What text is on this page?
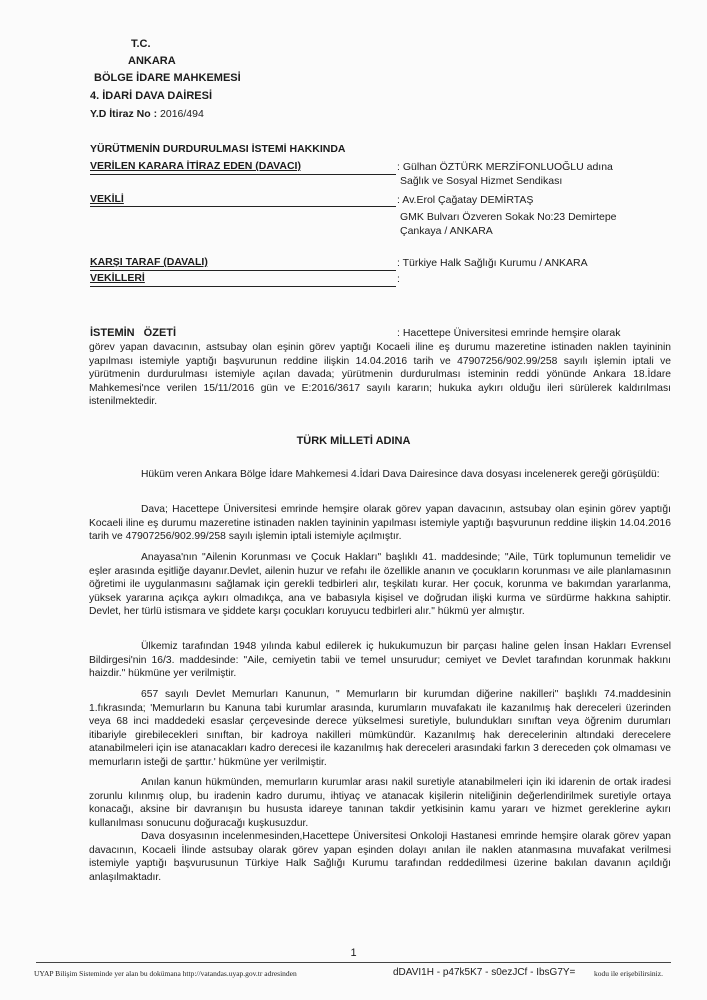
T.C.
ANKARA
BÖLGE İDARE MAHKEMESİ
4. İDARİ DAVA DAİRESİ
Y.D İtiraz No : 2016/494
YÜRÜTMENİN DURDURULMASI İSTEMİ HAKKINDA
VERİLEN KARARA İTİRAZ EDEN (DAVACI)	: Gülhan ÖZTÜRK MERZİFONLUOĞLU adına
Sağlık ve Sosyal Hizmet Sendikası
VEKİLİ	: Av.Erol Çağatay DEMİRTAŞ
GMK Bulvarı Özveren Sokak No:23 Demirtepe
Çankaya / ANKARA
KARŞI TARAF (DAVALI)	: Türkiye Halk Sağlığı Kurumu / ANKARA
VEKİLLERİ	:
İSTEMİN ÖZETİ	: Hacettepe Üniversitesi emrinde hemşire olarak
görev yapan davacının, astsubay olan eşinin görev yaptığı Kocaeli iline eş durumu mazeretine istinaden naklen tayininin yapılması istemiyle yaptığı başvurunun reddine ilişkin 14.04.2016 tarih ve 47907256/902.99/258 sayılı işlemin iptali ve yürütmenin durdurulması istemiyle açılan davada; yürütmenin durdurulması isteminin reddi yönünde Ankara 18.İdare Mahkemesi'nce verilen 15/11/2016 gün ve E:2016/3617 sayılı kararın; hukuka aykırı olduğu ileri sürülerek kaldırılması istenilmektedir.
TÜRK MİLLETİ ADINA
Hüküm veren Ankara Bölge İdare Mahkemesi 4.İdari Dava Dairesince dava dosyası incelenerek gereği görüşüldü:
Dava; Hacettepe Üniversitesi emrinde hemşire olarak görev yapan davacının, astsubay olan eşinin görev yaptığı Kocaeli iline eş durumu mazeretine istinaden naklen tayininin yapılması istemiyle yaptığı başvurunun reddine ilişkin 14.04.2016 tarih ve 47907256/902.99/258 sayılı işlemin iptali istemiyle açılmıştır.
Anayasa'nın "Ailenin Korunması ve Çocuk Hakları" başlıklı 41. maddesinde; "Aile, Türk toplumunun temelidir ve eşler arasında eşitliğe dayanır.Devlet, ailenin huzur ve refahı ile özellikle ananın ve çocukların korunması ve aile planlamasının öğretimi ile uygulanmasını sağlamak için gerekli tedbirleri alır, teşkilatı kurar. Her çocuk, korunma ve bakımdan yararlanma, yüksek yararına açıkça aykırı olmadıkça, ana ve babasıyla kişisel ve doğrudan ilişki kurma ve sürdürme hakkına sahiptir. Devlet, her türlü istismara ve şiddete karşı çocukları koruyucu tedbirleri alır." hükmü yer almıştır.
Ülkemiz tarafından 1948 yılında kabul edilerek iç hukukumuzun bir parçası haline gelen İnsan Hakları Evrensel Bildirgesi'nin 16/3. maddesinde: "Aile, cemiyetin tabii ve temel unsurudur; cemiyet ve Devlet tarafından korunmak hakkını haizdir." hükmüne yer verilmiştir.
657 sayılı Devlet Memurları Kanunun, " Memurların bir kurumdan diğerine nakilleri" başlıklı 74.maddesinin 1.fıkrasında; 'Memurların bu Kanuna tabi kurumlar arasında, kurumların muvafakatı ile kazanılmış hak dereceleri üzerinden veya 68 inci maddedeki esaslar çerçevesinde derece yükselmesi suretiyle, bulundukları sınıftan veya öğrenim durumları itibariyle girebilecekleri sınıftan, bir kadroya nakilleri mümkündür. Kazanılmış hak derecelerinin altındaki derecelere atanabilmeleri için ise atanacakları kadro derecesi ile kazanılmış hak dereceleri arasındaki farkın 3 dereceden çok olmaması ve memurların isteği de şarttır.' hükmüne yer verilmiştir.
Anılan kanun hükmünden, memurların kurumlar arası nakil suretiyle atanabilmeleri için iki idarenin de ortak iradesi zorunlu kılınmış olup, bu iradenin kadro durumu, ihtiyaç ve atanacak kişilerin niteliğinin değerlendirilmek suretiyle ortaya konacağı, aksine bir davranışın bu hususta idareye tanınan takdir yetkisinin kamu yararı ve hizmet gereklerine aykırı kullanılması sonucunu doğuracağı kuşkusuzdur.
Dava dosyasının incelenmesinden,Hacettepe Üniversitesi Onkoloji Hastanesi emrinde hemşire olarak görev yapan davacının, Kocaeli İlinde astsubay olarak görev yapan eşinden dolayı anılan ile naklen atanmasına muvafakat verilmesi istemiyle yaptığı başvurusunun Türkiye Halk Sağlığı Kurumu tarafından reddedilmesi üzerine bakılan davanın açıldığı anlaşılmaktadır.
1
UYAP Bilişim Sisteminde yer alan bu dokümana http://vatandas.uyap.gov.tr adresinden	dDAVI1H - p47k5K7 - s0ezJCf - IbsG7Y= kodu ile erişebilirsiniz.
